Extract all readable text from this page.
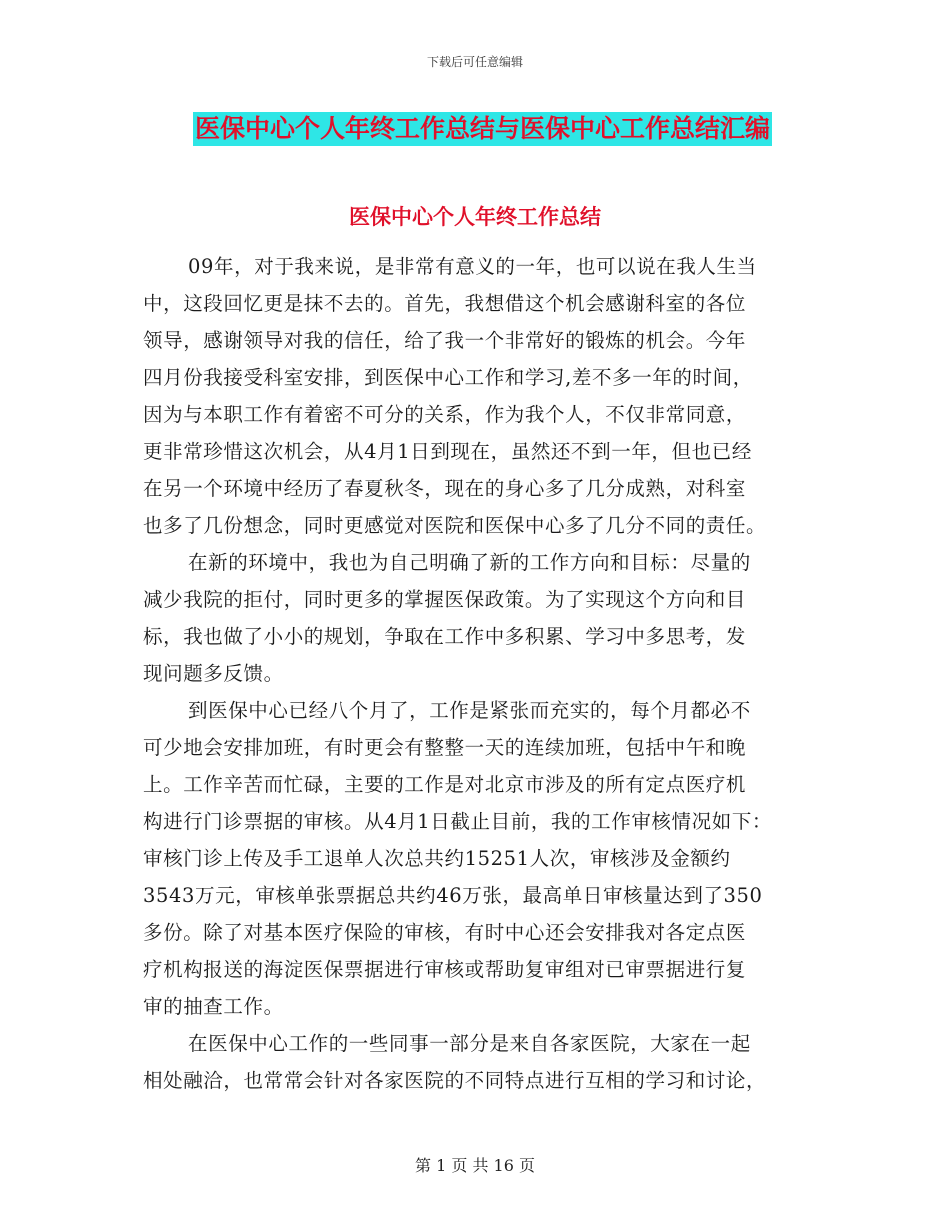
下载后可任意编辑
医保中心个人年终工作总结与医保中心工作总结汇编
医保中心个人年终工作总结
09年，对于我来说，是非常有意义的一年，也可以说在我人生当
中，这段回忆更是抹不去的。首先，我想借这个机会感谢科室的各位
领导，感谢领导对我的信任，给了我一个非常好的锻炼的机会。今年
四月份我接受科室安排，到医保中心工作和学习,差不多一年的时间，
因为与本职工作有着密不可分的关系，作为我个人，不仅非常同意，
更非常珍惜这次机会，从4月1日到现在，虽然还不到一年，但也已经
在另一个环境中经历了春夏秋冬，现在的身心多了几分成熟，对科室
也多了几份想念，同时更感觉对医院和医保中心多了几分不同的责任。
在新的环境中，我也为自己明确了新的工作方向和目标：尽量的
减少我院的拒付，同时更多的掌握医保政策。为了实现这个方向和目
标，我也做了小小的规划，争取在工作中多积累、学习中多思考，发
现问题多反馈。
到医保中心已经八个月了，工作是紧张而充实的，每个月都必不
可少地会安排加班，有时更会有整整一天的连续加班，包括中午和晚
上。工作辛苦而忙碌，主要的工作是对北京市涉及的所有定点医疗机
构进行门诊票据的审核。从4月1日截止目前，我的工作审核情况如下：
审核门诊上传及手工退单人次总共约15251人次，审核涉及金额约
3543万元，审核单张票据总共约46万张，最高单日审核量达到了350
多份。除了对基本医疗保险的审核，有时中心还会安排我对各定点医
疗机构报送的海淀医保票据进行审核或帮助复审组对已审票据进行复
审的抽查工作。
在医保中心工作的一些同事一部分是来自各家医院，大家在一起
相处融洽，也常常会针对各家医院的不同特点进行互相的学习和讨论，
第 1 页 共 16 页
